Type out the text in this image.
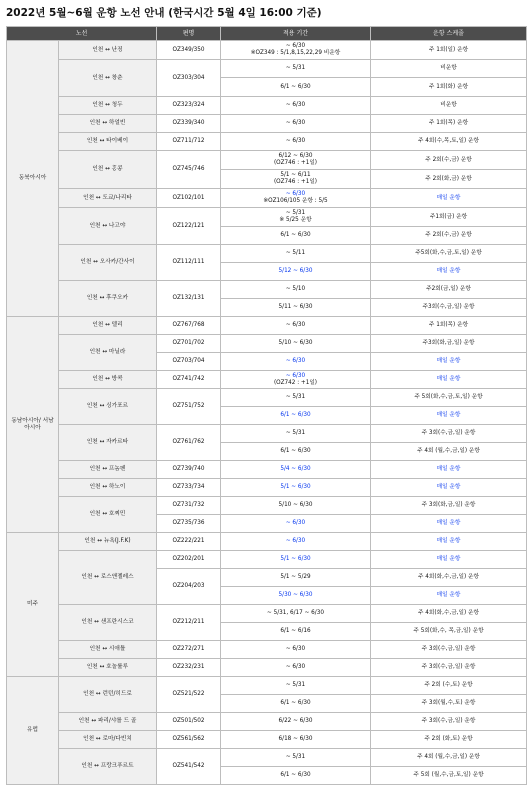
2022년 5월~6월 운항 노선 안내 (한국시간 5월 4일 16:00 기준)
노선		편명	적용 기간	운항 스케줄
동북아시아	인천 ↔ 난징	OZ349/350	~ 6/30
※OZ349 : 5/1,8,15,22,29 비운항	주 1회(일) 운항
	인천 ↔ 창춘	OZ303/304	~ 5/31	비운항
			6/1 ~ 6/30	주 1회(화) 운항
	인천 ↔ 청두	OZ323/324	~ 6/30	비운항
	인천 ↔ 하얼빈	OZ339/340	~ 6/30	주 1회(목) 운항
	인천 ↔ 타이베이	OZ711/712	~ 6/30	주 4회(수,목,토,일) 운항
	인천 ↔ 홍콩	OZ745/746	6/12 ~ 6/30
(OZ746 : +1일)	주 2회(수,금) 운항

			5/1 ~ 6/11
(OZ746 : +1일)	주 2회(화,금) 운항
	인천 ↔ 도쿄/나리타	OZ102/101	~ 6/30
※OZ106/105 운항 : 5/5	매일 운항
	인천 ↔ 나고야	OZ122/121	~ 5/31
※ 5/25 운항	주1회(금) 운항
			6/1 ~ 6/30	주 2회(수,금) 운항
	인천 ↔ 오사카/간사이	OZ112/111	~ 5/11	주5회(화,수,금,토,일) 운항
			5/12 ~ 6/30	매일 운항
	인천 ↔ 후쿠오카	OZ132/131	~ 5/10	주2회(금,일) 운항
			5/11 ~ 6/30	주3회(수,금,일) 운항
동남아시아/ 서남아시아	인천 ↔ 델리	OZ767/768	~ 6/30	주 1회(목) 운항
	인천 ↔ 마닐라	OZ701/702	5/10 ~ 6/30	주3회(화,금,일) 운항
		OZ703/704	~ 6/30	매일 운항
	인천 ↔ 방콕	OZ741/742	~ 6/30
(OZ742 : +1일)	매일 운항
	인천 ↔ 싱가포르	OZ751/752	~ 5/31	주 5회(화,수,금,토,일) 운항
			6/1 ~ 6/30	매일 운항
	인천 ↔ 자카르타	OZ761/762	~ 5/31	주 3회(수,금,일) 운항
			6/1 ~ 6/30	주 4회 (월,수,금,일) 운항
	인천 ↔ 프놈펜	OZ739/740	5/4 ~ 6/30	매일 운항
	인천 ↔ 하노이	OZ733/734	5/1 ~ 6/30	매일 운항
	인천 ↔ 호찌민	OZ731/732	5/10 ~ 6/30	주 3회(화,금,일) 운항
		OZ735/736	~ 6/30	매일 운항
미주	인천 ↔ 뉴욕(J.F.K)	OZ222/221	~ 6/30	매일 운항
	인천 ↔ 로스앤젤레스	OZ202/201	5/1 ~ 6/30	매일 운항
		OZ204/203	5/1 ~ 5/29	주 4회(화,수,금,일) 운항
			5/30 ~ 6/30	매일 운항
	인천 ↔ 샌프란시스코	OZ212/211	~ 5/31, 6/17 ~ 6/30	주 4회(화,수,금,일) 운항
			6/1 ~ 6/16	주 5회(화,수, 목,금,일) 운항
	인천 ↔ 시애틀	OZ272/271	~ 6/30	주 3회(수,금,일) 운항
	인천 ↔ 호놀룰루	OZ232/231	~ 6/30	주 3회(수,금,일) 운항
유럽	인천 ↔ 런던/히드로	OZ521/522	~ 5/31	주 2회 (수,토) 운항
			6/1 ~ 6/30	주 3회(월,수,토) 운항
	인천 ↔ 파리/샤를 드 골	OZ501/502	6/22 ~ 6/30	주 3회(수,금,일) 운항
	인천 ↔ 로마/다빈치	OZ561/562	6/18 ~ 6/30	주 2회 (화,토) 운항
	인천 ↔ 프랑크푸르트	OZ541/542	~ 5/31	주 4회 (월,수,금,일) 운항
			6/1 ~ 6/30	주 5회 (월,수,금,토,일) 운항
